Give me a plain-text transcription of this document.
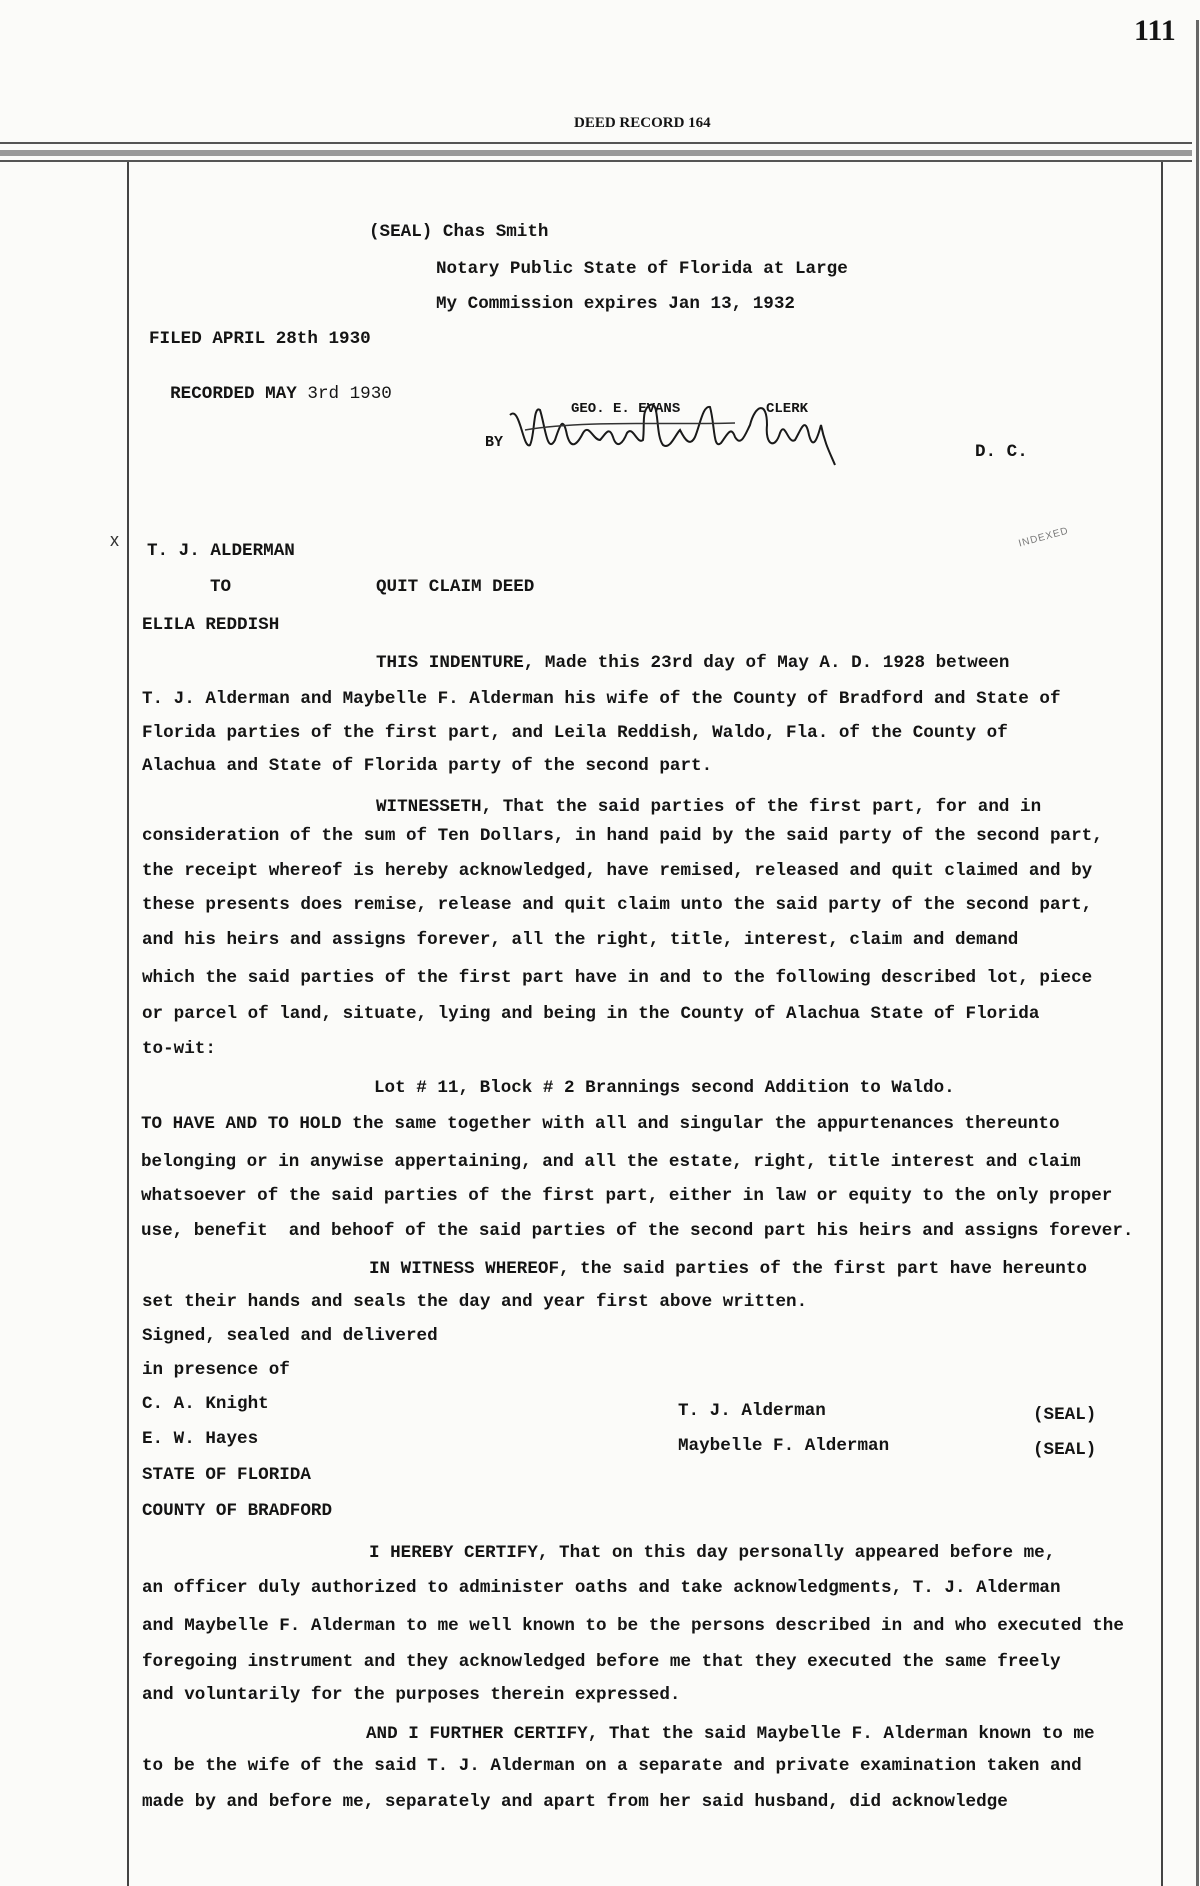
111
DEED RECORD 164
(SEAL) Chas Smith
Notary Public State of Florida at Large
My Commission expires Jan 13, 1932
FILED APRIL 28th 1930

RECORDED MAY 3rd 1930

GEO. E. EVANS	CLERK
BY	D. C.
INDEXED
x
T. J. ALDERMAN
TO	QUIT CLAIM DEED
ELILA REDDISH
THIS INDENTURE, Made this 23rd day of May A. D. 1928 between
T. J. Alderman and Maybelle F. Alderman his wife of the County of Bradford and State of
Florida parties of the first part, and Leila Reddish, Waldo, Fla. of the County of
Alachua and State of Florida party of the second part.
WITNESSETH, That the said parties of the first part, for and in
consideration of the sum of Ten Dollars, in hand paid by the said party of the second part,
the receipt whereof is hereby acknowledged, have remised, released and quit claimed and by
these presents does remise, release and quit claim unto the said party of the second part,
and his heirs and assigns forever, all the right, title, interest, claim and demand
which the said parties of the first part have in and to the following described lot, piece
or parcel of land, situate, lying and being in the County of Alachua State of Florida
to-wit:
Lot # 11, Block # 2 Brannings second Addition to Waldo.
TO HAVE AND TO HOLD the same together with all and singular the appurtenances thereunto
belonging or in anywise appertaining, and all the estate, right, title interest and claim
whatsoever of the said parties of the first part, either in law or equity to the only proper
use, benefit  and behoof of the said parties of the second part his heirs and assigns forever.
IN WITNESS WHEREOF, the said parties of the first part have hereunto
set their hands and seals the day and year first above written.
Signed, sealed and delivered
in presence of
C. A. Knight	T. J. Alderman	(SEAL)
E. W. Hayes	Maybelle F. Alderman	(SEAL)
STATE OF FLORIDA
COUNTY OF BRADFORD
I HEREBY CERTIFY, That on this day personally appeared before me,
an officer duly authorized to administer oaths and take acknowledgments, T. J. Alderman
and Maybelle F. Alderman to me well known to be the persons described in and who executed the
foregoing instrument and they acknowledged before me that they executed the same freely
and voluntarily for the purposes therein expressed.
AND I FURTHER CERTIFY, That the said Maybelle F. Alderman known to me
to be the wife of the said T. J. Alderman on a separate and private examination taken and
made by and before me, separately and apart from her said husband, did acknowledge
